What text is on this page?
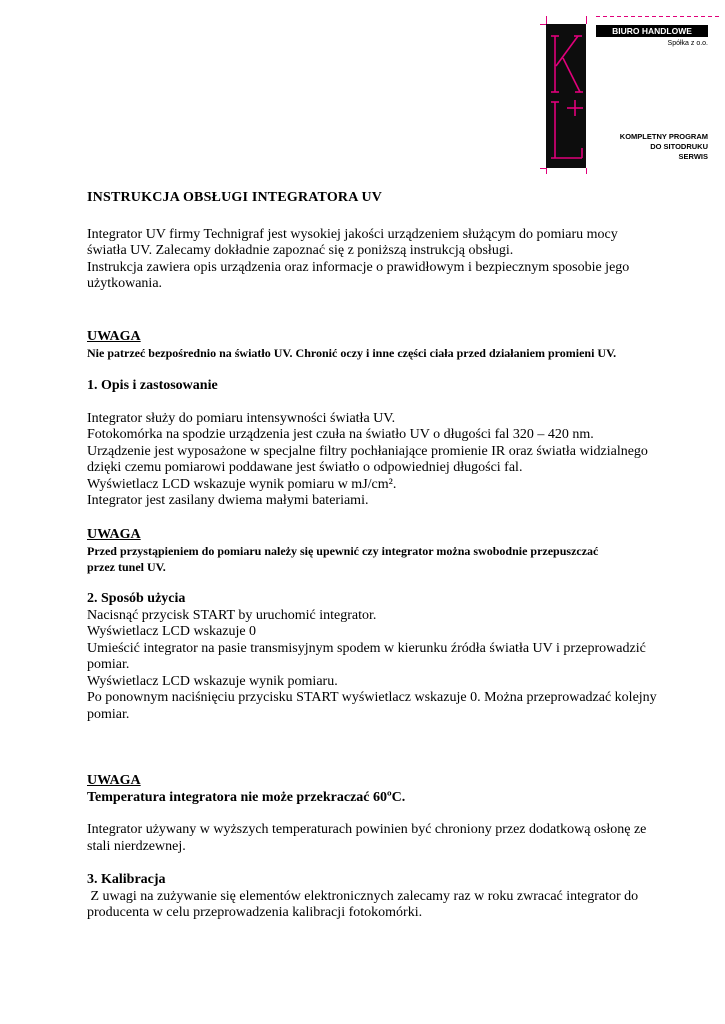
BIURO HANDLOWE POLSKA
Spółka z o.o.
KOMPLETNY PROGRAM
DO SITODRUKU
SERWIS

INSTRUKCJA OBSŁUGI INTEGRATORA UV

Integrator UV firmy Technigraf jest wysokiej jakości urządzeniem służącym do pomiaru mocy

światła UV. Zalecamy dokładnie zapoznać się z poniższą instrukcją obsługi.

Instrukcja zawiera opis urządzenia oraz informacje o prawidłowym i bezpiecznym sposobie jego

użytkowania.

UWAGA

Nie patrzeć bezpośrednio na światło UV. Chronić oczy i inne części ciała przed działaniem promieni UV.

1. Opis i zastosowanie

Integrator służy do pomiaru intensywności światła UV.

Fotokomórka na spodzie urządzenia jest czuła na światło UV o długości fal 320 – 420 nm.

Urządzenie jest wyposażone w specjalne filtry pochłaniające promienie IR oraz światła widzialnego

dzięki czemu pomiarowi poddawane jest światło o odpowiedniej długości fal.

Wyświetlacz LCD wskazuje wynik pomiaru w mJ/cm².

Integrator jest zasilany dwiema małymi bateriami.

UWAGA

Przed przystąpieniem do pomiaru należy się upewnić czy integrator można swobodnie przepuszczać

przez tunel UV.

2. Sposób użycia

Nacisnąć przycisk START by uruchomić integrator.

Wyświetlacz LCD wskazuje 0

Umieścić integrator na pasie transmisyjnym spodem w kierunku źródła światła UV i przeprowadzić

pomiar.

Wyświetlacz LCD wskazuje wynik pomiaru.

Po ponownym naciśnięciu przycisku START wyświetlacz wskazuje 0. Można przeprowadzać kolejny

pomiar.

UWAGA

Temperatura integratora nie może przekraczać 60ºC.

Integrator używany w wyższych temperaturach powinien być chroniony przez dodatkową osłonę ze

stali nierdzewnej.

3. Kalibracja

Z uwagi na zużywanie się elementów elektronicznych zalecamy raz w roku zwracać integrator do

producenta w celu przeprowadzenia kalibracji fotokomórki.
